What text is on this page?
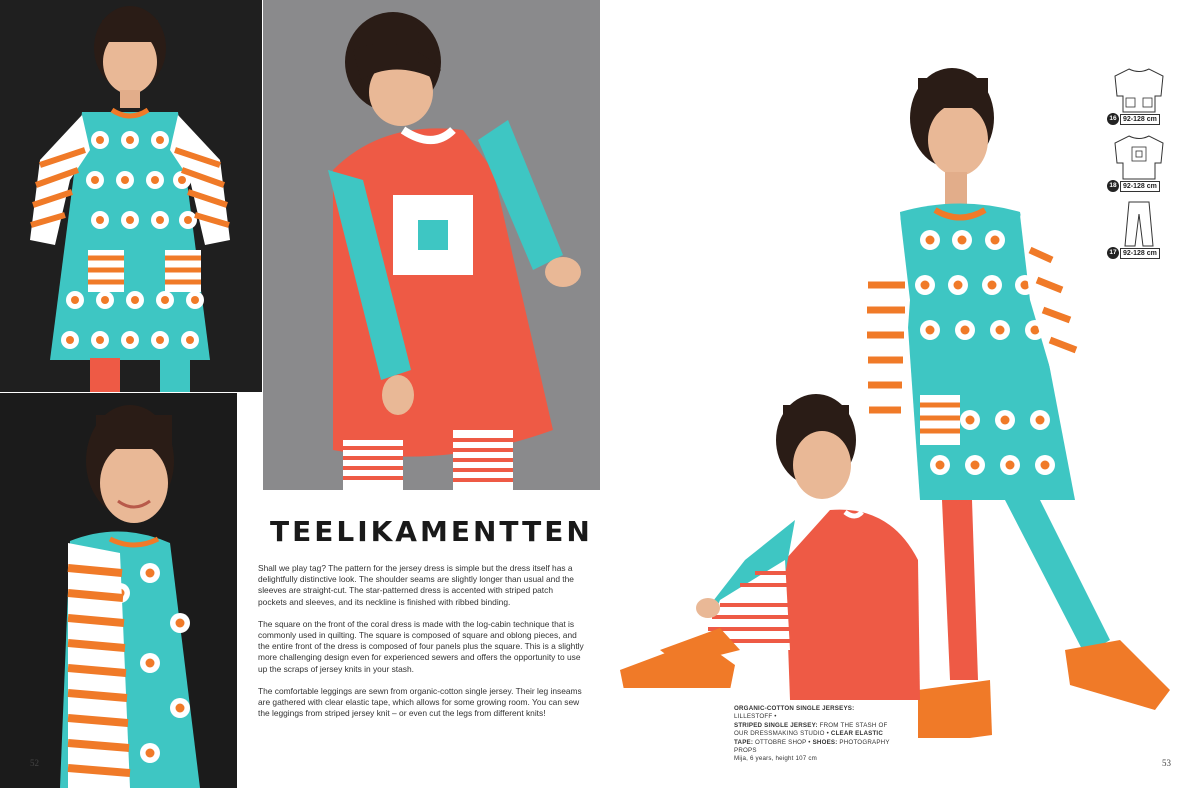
TEELIKAMENTTEN

Shall we play tag? The pattern for the jersey dress is simple but the dress itself has a delightfully distinctive look. The shoulder seams are slightly longer than usual and the sleeves are straight-cut. The star-patterned dress is accented with striped patch pockets and sleeves, and its neckline is finished with ribbed binding.

The square on the front of the coral dress is made with the log-cabin technique that is commonly used in quilting. The square is composed of square and oblong pieces, and the entire front of the dress is composed of four panels plus the square. This is a slightly more challenging design even for experienced sewers and offers the opportunity to use up the scraps of jersey knits in your stash.

The comfortable leggings are sewn from organic-cotton single jersey. Their leg inseams are gathered with clear elastic tape, which allows for some growing room. You can sew the leggings from striped jersey knit – or even cut the legs from different knits!

52
16 92-128 cm
18 92-128 cm
17 92-128 cm
ORGANIC-COTTON SINGLE JERSEYS: LILLESTOFF •
STRIPED SINGLE JERSEY: FROM THE STASH OF OUR DRESSMAKING STUDIO • CLEAR ELASTIC TAPE: OTTOBRE SHOP • SHOES: PHOTOGRAPHY PROPS
Mija, 6 years, height 107 cm	53
